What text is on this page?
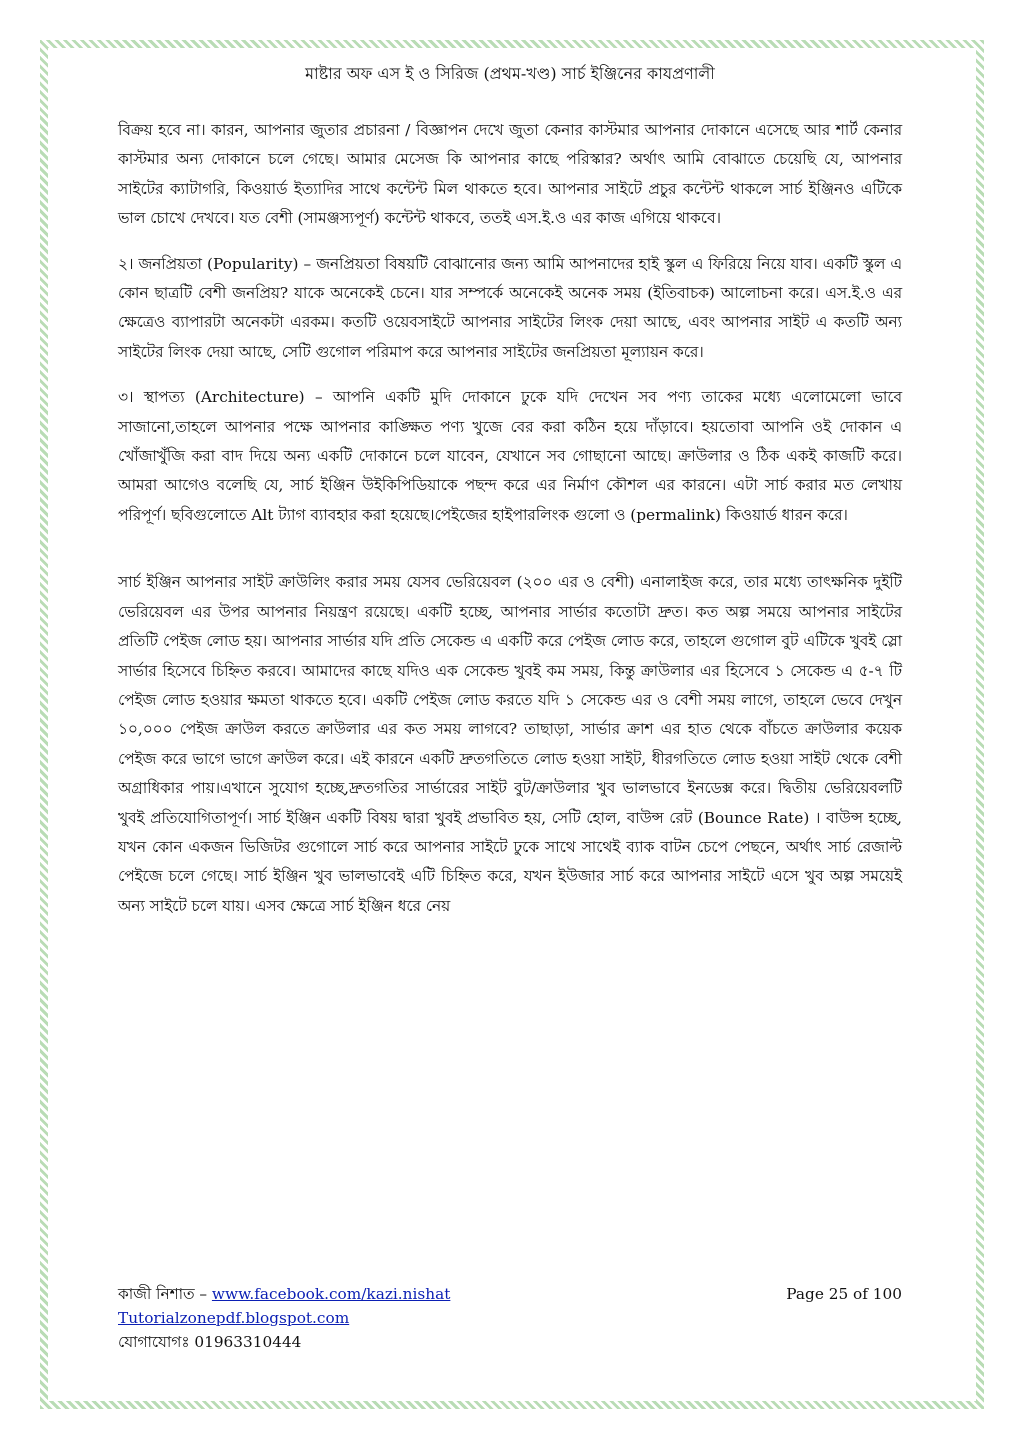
মাষ্টার অফ এস ই ও সিরিজ (প্রথম-খণ্ড) সার্চ ইঞ্জিনের কাযপ্রণালী

বিক্রয় হবে না। কারন, আপনার জুতার প্রচারনা / বিজ্ঞাপন দেখে জুতা কেনার কাস্টমার আপনার দোকানে এসেছে আর শার্ট কেনার কাস্টমার অন্য দোকানে চলে গেছে। আমার মেসেজ কি আপনার কাছে পরিস্কার? অর্থাৎ আমি বোঝাতে চেয়েছি যে, আপনার সাইটের ক্যাটাগরি, কিওয়ার্ড ইত্যাদির সাথে কন্টেন্ট মিল থাকতে হবে। আপনার সাইটে প্রচুর কন্টেন্ট থাকলে সার্চ ইঞ্জিনও এটিকে ভাল চোখে দেখবে। যত বেশী (সামঞ্জস্যপূর্ণ) কন্টেন্ট থাকবে, ততই এস.ই.ও এর কাজ এগিয়ে থাকবে।

২। জনপ্রিয়তা (Popularity) – জনপ্রিয়তা বিষয়টি বোঝানোর জন্য আমি আপনাদের হাই স্কুল এ ফিরিয়ে নিয়ে যাব। একটি স্কুল এ কোন ছাত্রটি বেশী জনপ্রিয়? যাকে অনেকেই চেনে। যার সম্পর্কে অনেকেই অনেক সময় (ইতিবাচক) আলোচনা করে। এস.ই.ও এর ক্ষেত্রেও ব্যাপারটা অনেকটা এরকম। কতটি ওয়েবসাইটে আপনার সাইটের লিংক দেয়া আছে, এবং আপনার সাইট এ কতটি অন্য সাইটের লিংক দেয়া আছে, সেটি গুগোল পরিমাপ করে আপনার সাইটের জনপ্রিয়তা মূল্যায়ন করে।

৩। স্থাপত্য (Architecture) – আপনি একটি মুদি দোকানে ঢুকে যদি দেখেন সব পণ্য তাকের মধ্যে এলোমেলো ভাবে সাজানো,তাহলে আপনার পক্ষে আপনার কাঙ্ক্ষিত পণ্য খুজে বের করা কঠিন হয়ে দাঁড়াবে। হয়তোবা আপনি ওই দোকান এ খোঁজাখুঁজি করা বাদ দিয়ে অন্য একটি দোকানে চলে যাবেন, যেখানে সব গোছানো আছে। ক্রাউলার ও ঠিক একই কাজটি করে। আমরা আগেও বলেছি যে, সার্চ ইঞ্জিন উইকিপিডিয়াকে পছন্দ করে এর নির্মাণ কৌশল এর কারনে। এটা সার্চ করার মত লেখায় পরিপূর্ণ। ছবিগুলোতে Alt ট্যাগ ব্যাবহার করা হয়েছে।পেইজের হাইপারলিংক গুলো ও (permalink) কিওয়ার্ড ধারন করে।

সার্চ ইঞ্জিন আপনার সাইট ক্রাউলিং করার সময় যেসব ভেরিয়েবল (২০০ এর ও বেশী) এনালাইজ করে, তার মধ্যে তাৎক্ষনিক দুইটি ভেরিয়েবল এর উপর আপনার নিয়ন্ত্রণ রয়েছে। একটি হচ্ছে, আপনার সার্ভার কতোটা দ্রুত। কত অল্প সময়ে আপনার সাইটের প্রতিটি পেইজ লোড হয়। আপনার সার্ভার যদি প্রতি সেকেন্ড এ একটি করে পেইজ লোড করে, তাহলে গুগোল বুট এটিকে খুবই স্লো সার্ভার হিসেবে চিহ্নিত করবে। আমাদের কাছে যদিও এক সেকেন্ড খুবই কম সময়, কিন্তু ক্রাউলার এর হিসেবে ১ সেকেন্ড এ ৫-৭ টি পেইজ লোড হওয়ার ক্ষমতা থাকতে হবে। একটি পেইজ লোড করতে যদি ১ সেকেন্ড এর ও বেশী সময় লাগে, তাহলে ভেবে দেখুন ১০,০০০ পেইজ ক্রাউল করতে ক্রাউলার এর কত সময় লাগবে? তাছাড়া, সার্ভার ক্রাশ এর হাত থেকে বাঁচতে ক্রাউলার কয়েক পেইজ করে ভাগে ভাগে ক্রাউল করে। এই কারনে একটি দ্রুতগতিতে লোড হওয়া সাইট, ধীরগতিতে লোড হওয়া সাইট থেকে বেশী অগ্রাধিকার পায়।এখানে সুযোগ হচ্ছে,দ্রুতগতির সার্ভারের সাইট বুট/ক্রাউলার খুব ভালভাবে ইনডেক্স করে। দ্বিতীয় ভেরিয়েবলটি খুবই প্রতিযোগিতাপূর্ণ। সার্চ ইঞ্জিন একটি বিষয় দ্বারা খুবই প্রভাবিত হয়, সেটি হোল, বাউন্স রেট (Bounce Rate) । বাউন্স হচ্ছে, যখন কোন একজন ভিজিটর গুগোলে সার্চ করে আপনার সাইটে ঢুকে সাথে সাথেই ব্যাক বাটন চেপে পেছনে, অর্থাৎ সার্চ রেজাল্ট পেইজে চলে গেছে। সার্চ ইঞ্জিন খুব ভালভাবেই এটি চিহ্নিত করে, যখন ইউজার সার্চ করে আপনার সাইটে এসে খুব অল্প সময়েই অন্য সাইটে চলে যায়। এসব ক্ষেত্রে সার্চ ইঞ্জিন ধরে নেয়

কাজী নিশাত – www.facebook.com/kazi.nishat	Page 25 of 100
Tutorialzonepdf.blogspot.com
যোগাযোগঃ 01963310444
